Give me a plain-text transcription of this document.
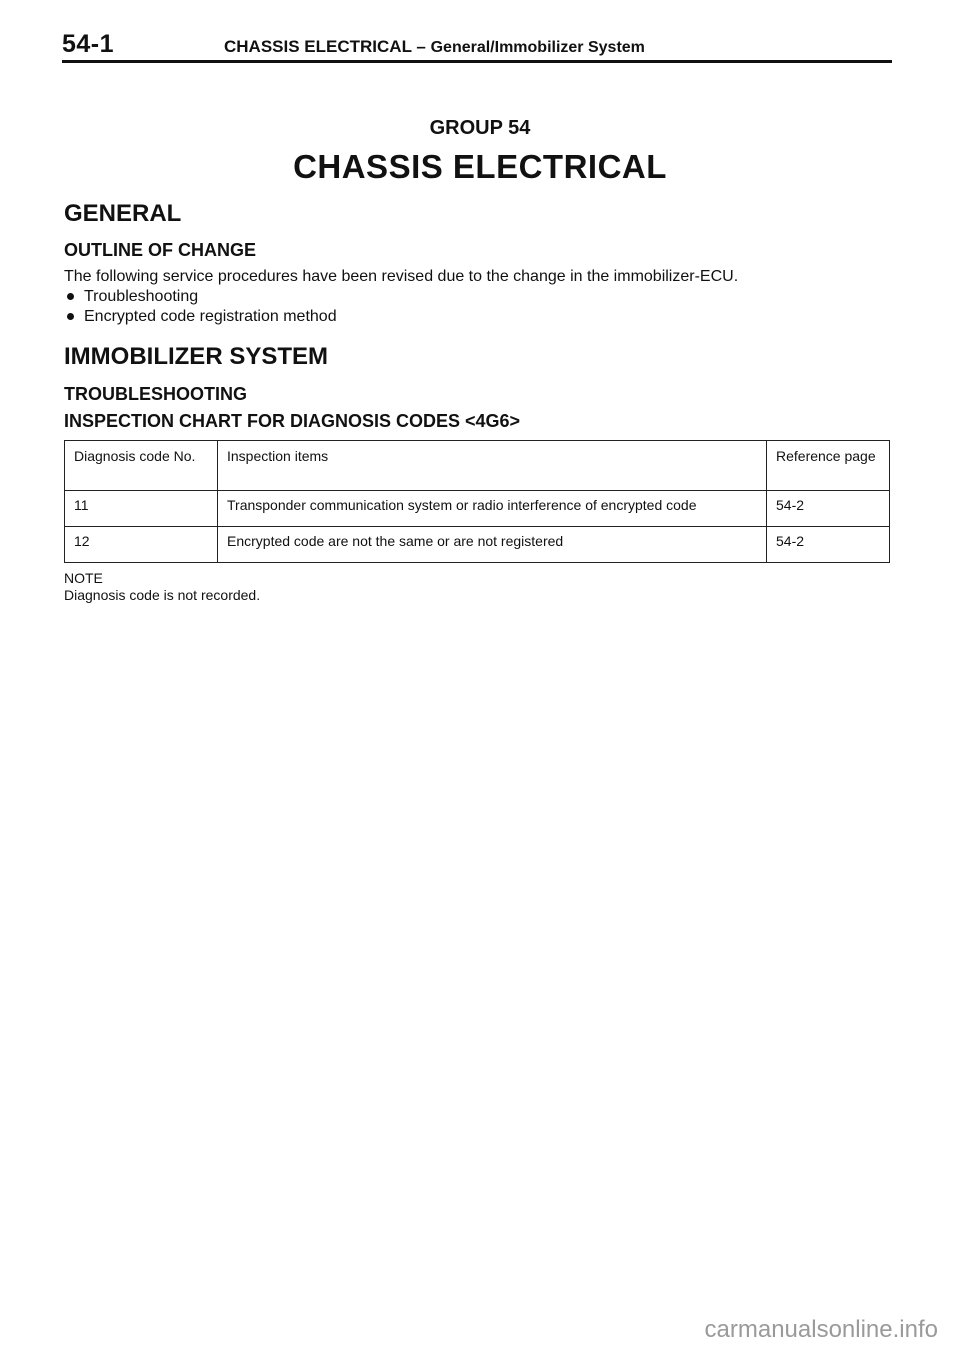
54-1	CHASSIS ELECTRICAL – General/Immobilizer System
GROUP 54
CHASSIS ELECTRICAL
GENERAL
OUTLINE OF CHANGE
The following service procedures have been revised due to the change in the immobilizer-ECU.
Troubleshooting
Encrypted code registration method
IMMOBILIZER SYSTEM
TROUBLESHOOTING
INSPECTION CHART FOR DIAGNOSIS CODES <4G6>
Diagnosis code No.	Inspection items	Reference page
11	Transponder communication system or radio interference of encrypted code	54-2
12	Encrypted code are not the same or are not registered	54-2
NOTE
Diagnosis code is not recorded.
carmanualsonline.info
